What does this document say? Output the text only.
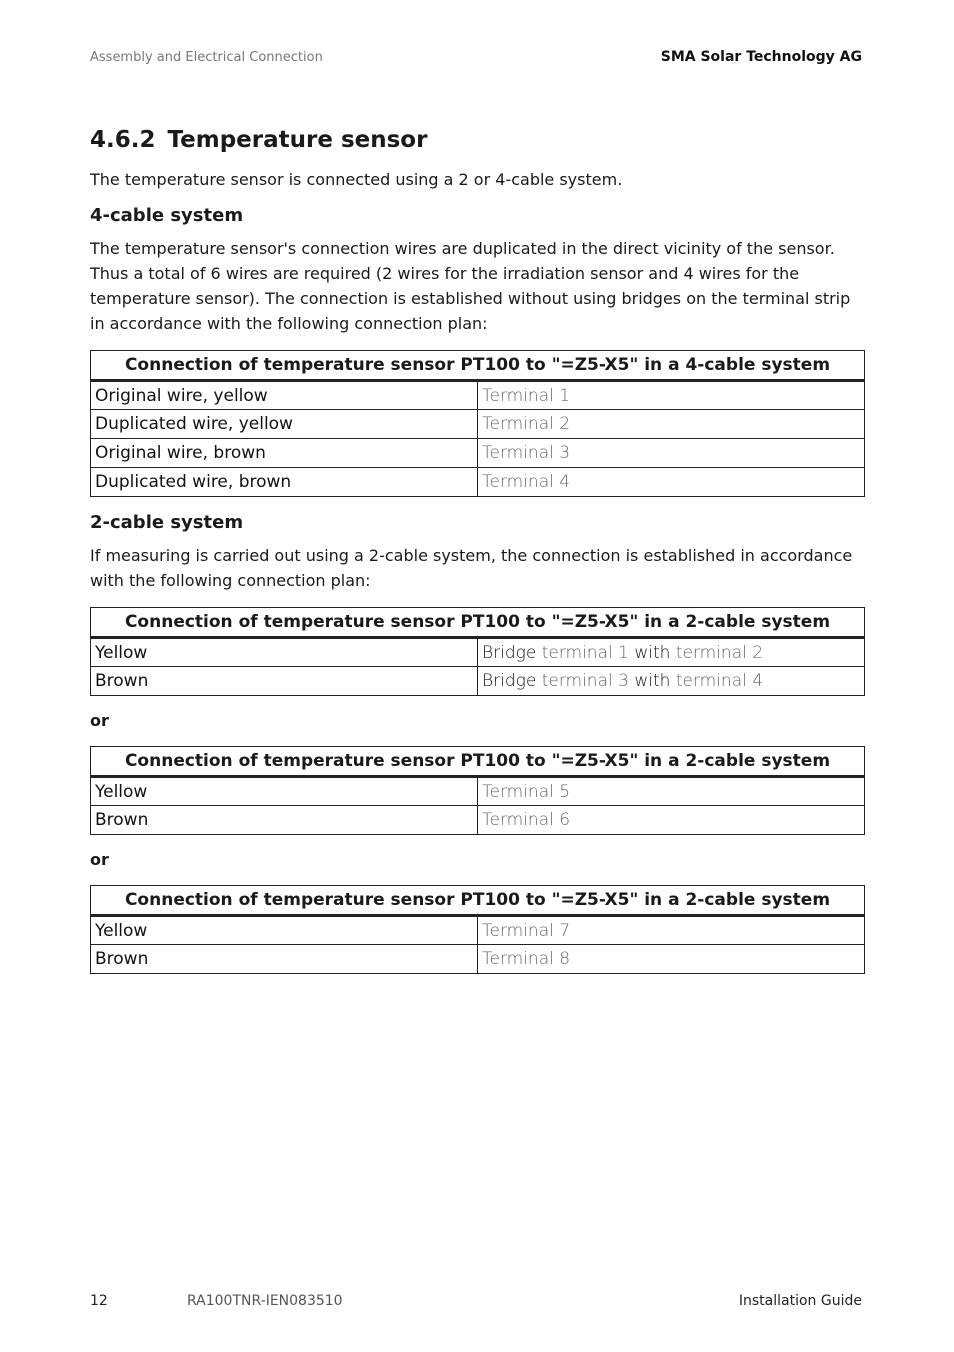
Assembly and Electrical Connection	SMA Solar Technology AG
4.6.2 Temperature sensor

The temperature sensor is connected using a 2 or 4-cable system.

4-cable system

The temperature sensor's connection wires are duplicated in the direct vicinity of the sensor. Thus a total of 6 wires are required (2 wires for the irradiation sensor and 4 wires for the temperature sensor). The connection is established without using bridges on the terminal strip in accordance with the following connection plan:

Connection of temperature sensor PT100 to "=Z5-X5" in a 4-cable system	
Original wire, yellow	Terminal 1
Duplicated wire, yellow	Terminal 2
Original wire, brown	Terminal 3
Duplicated wire, brown	Terminal 4
2-cable system

If measuring is carried out using a 2-cable system, the connection is established in accordance with the following connection plan:

Connection of temperature sensor PT100 to "=Z5-X5" in a 2-cable system	
Yellow	Bridge terminal 1 with terminal 2
Brown	Bridge terminal 3 with terminal 4
or
Connection of temperature sensor PT100 to "=Z5-X5" in a 2-cable system	
Yellow	Terminal 5
Brown	Terminal 6
or
Connection of temperature sensor PT100 to "=Z5-X5" in a 2-cable system	
Yellow	Terminal 7
Brown	Terminal 8
12	RA100TNR-IEN083510	Installation Guide
